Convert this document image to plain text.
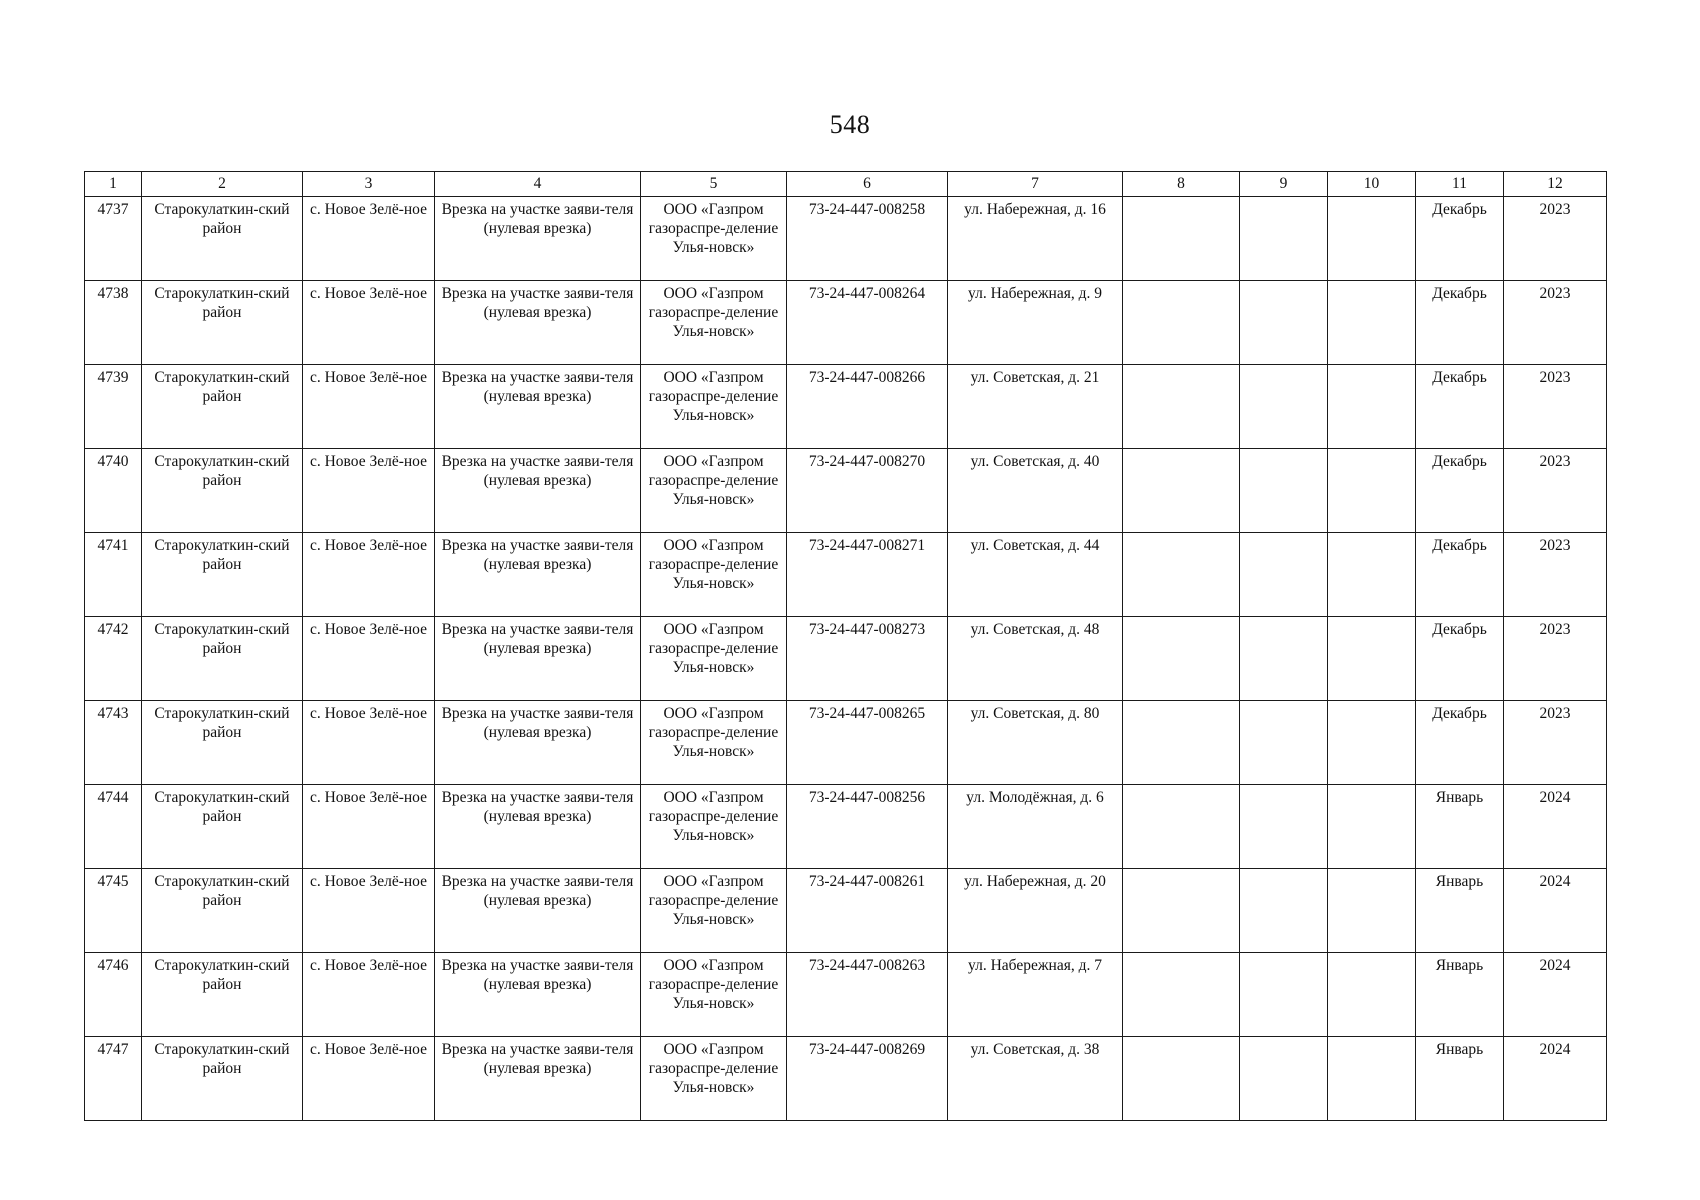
548
1	2	3	4	5	6	7	8	9	10	11	12
4737	Старокулаткин-ский район	с. Новое Зелё-ное	Врезка на участке заяви-теля (нулевая врезка)	ООО «Газпром газораспре-деление Улья-новск»	73-24-447-008258	ул. Набережная, д. 16				Декабрь	2023
4738	Старокулаткин-ский район	с. Новое Зелё-ное	Врезка на участке заяви-теля (нулевая врезка)	ООО «Газпром газораспре-деление Улья-новск»	73-24-447-008264	ул. Набережная, д. 9				Декабрь	2023
4739	Старокулаткин-ский район	с. Новое Зелё-ное	Врезка на участке заяви-теля (нулевая врезка)	ООО «Газпром газораспре-деление Улья-новск»	73-24-447-008266	ул. Советская, д. 21				Декабрь	2023
4740	Старокулаткин-ский район	с. Новое Зелё-ное	Врезка на участке заяви-теля (нулевая врезка)	ООО «Газпром газораспре-деление Улья-новск»	73-24-447-008270	ул. Советская, д. 40				Декабрь	2023
4741	Старокулаткин-ский район	с. Новое Зелё-ное	Врезка на участке заяви-теля (нулевая врезка)	ООО «Газпром газораспре-деление Улья-новск»	73-24-447-008271	ул. Советская, д. 44				Декабрь	2023
4742	Старокулаткин-ский район	с. Новое Зелё-ное	Врезка на участке заяви-теля (нулевая врезка)	ООО «Газпром газораспре-деление Улья-новск»	73-24-447-008273	ул. Советская, д. 48				Декабрь	2023
4743	Старокулаткин-ский район	с. Новое Зелё-ное	Врезка на участке заяви-теля (нулевая врезка)	ООО «Газпром газораспре-деление Улья-новск»	73-24-447-008265	ул. Советская, д. 80				Декабрь	2023
4744	Старокулаткин-ский район	с. Новое Зелё-ное	Врезка на участке заяви-теля (нулевая врезка)	ООО «Газпром газораспре-деление Улья-новск»	73-24-447-008256	ул. Молодёжная, д. 6				Январь	2024
4745	Старокулаткин-ский район	с. Новое Зелё-ное	Врезка на участке заяви-теля (нулевая врезка)	ООО «Газпром газораспре-деление Улья-новск»	73-24-447-008261	ул. Набережная, д. 20				Январь	2024
4746	Старокулаткин-ский район	с. Новое Зелё-ное	Врезка на участке заяви-теля (нулевая врезка)	ООО «Газпром газораспре-деление Улья-новск»	73-24-447-008263	ул. Набережная, д. 7				Январь	2024
4747	Старокулаткин-ский район	с. Новое Зелё-ное	Врезка на участке заяви-теля (нулевая врезка)	ООО «Газпром газораспре-деление Улья-новск»	73-24-447-008269	ул. Советская, д. 38				Январь	2024
